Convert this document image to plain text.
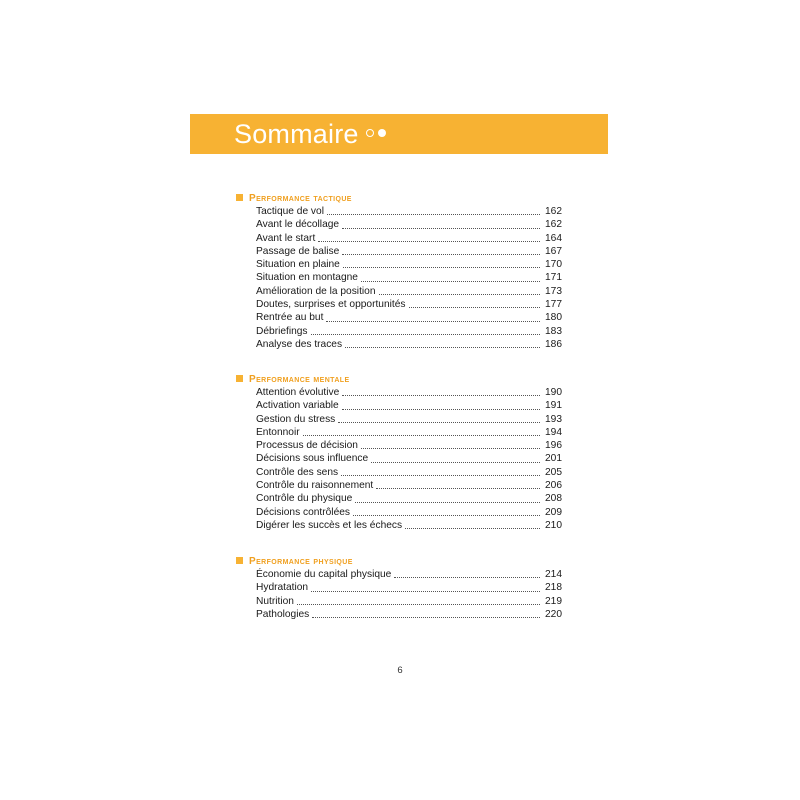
Sommaire
Performance tactique
Tactique de vol	162
Avant le décollage	162
Avant le start	164
Passage de balise	167
Situation en plaine	170
Situation en montagne	171
Amélioration de la position	173
Doutes, surprises et opportunités	177
Rentrée au but	180
Débriefings	183
Analyse des traces	186
Performance mentale
Attention évolutive	190
Activation variable	191
Gestion du stress	193
Entonnoir	194
Processus de décision	196
Décisions sous influence	201
Contrôle des sens	205
Contrôle du raisonnement	206
Contrôle du physique	208
Décisions contrôlées	209
Digérer les succès et les échecs	210
Performance physique
Économie du capital physique	214
Hydratation	218
Nutrition	219
Pathologies	220
6
